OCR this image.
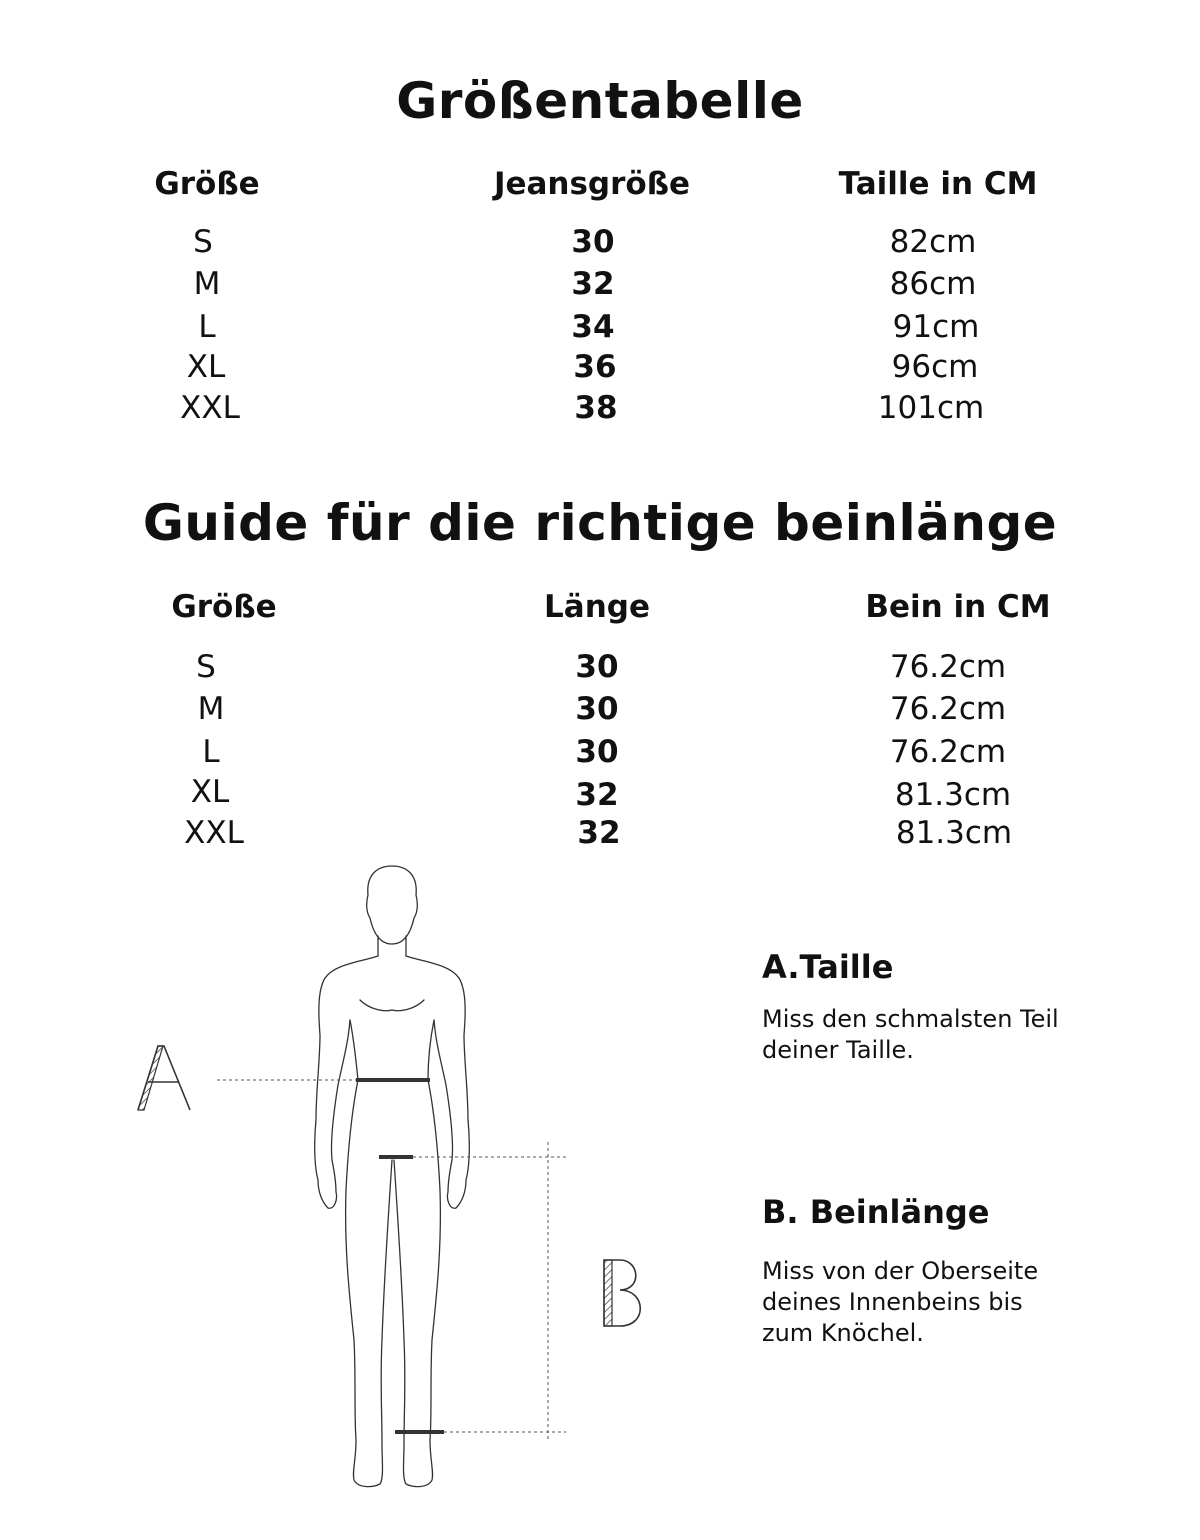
Größentabelle
Größe	Jeansgröße	Taille in CM
S	30	82cm
M	32	86cm
L	34	91cm
XL	36	96cm
XXL	38	101cm
Guide für die richtige beinlänge
Größe	Länge	Bein in CM
S	30	76.2cm
M	30	76.2cm
L	30	76.2cm
XL	32	81.3cm
XXL	32	81.3cm
A.Taille

Miss den schmalsten Teil deiner Taille.

B. Beinlänge

Miss von der Oberseite deines Innenbeins bis zum Knöchel.
